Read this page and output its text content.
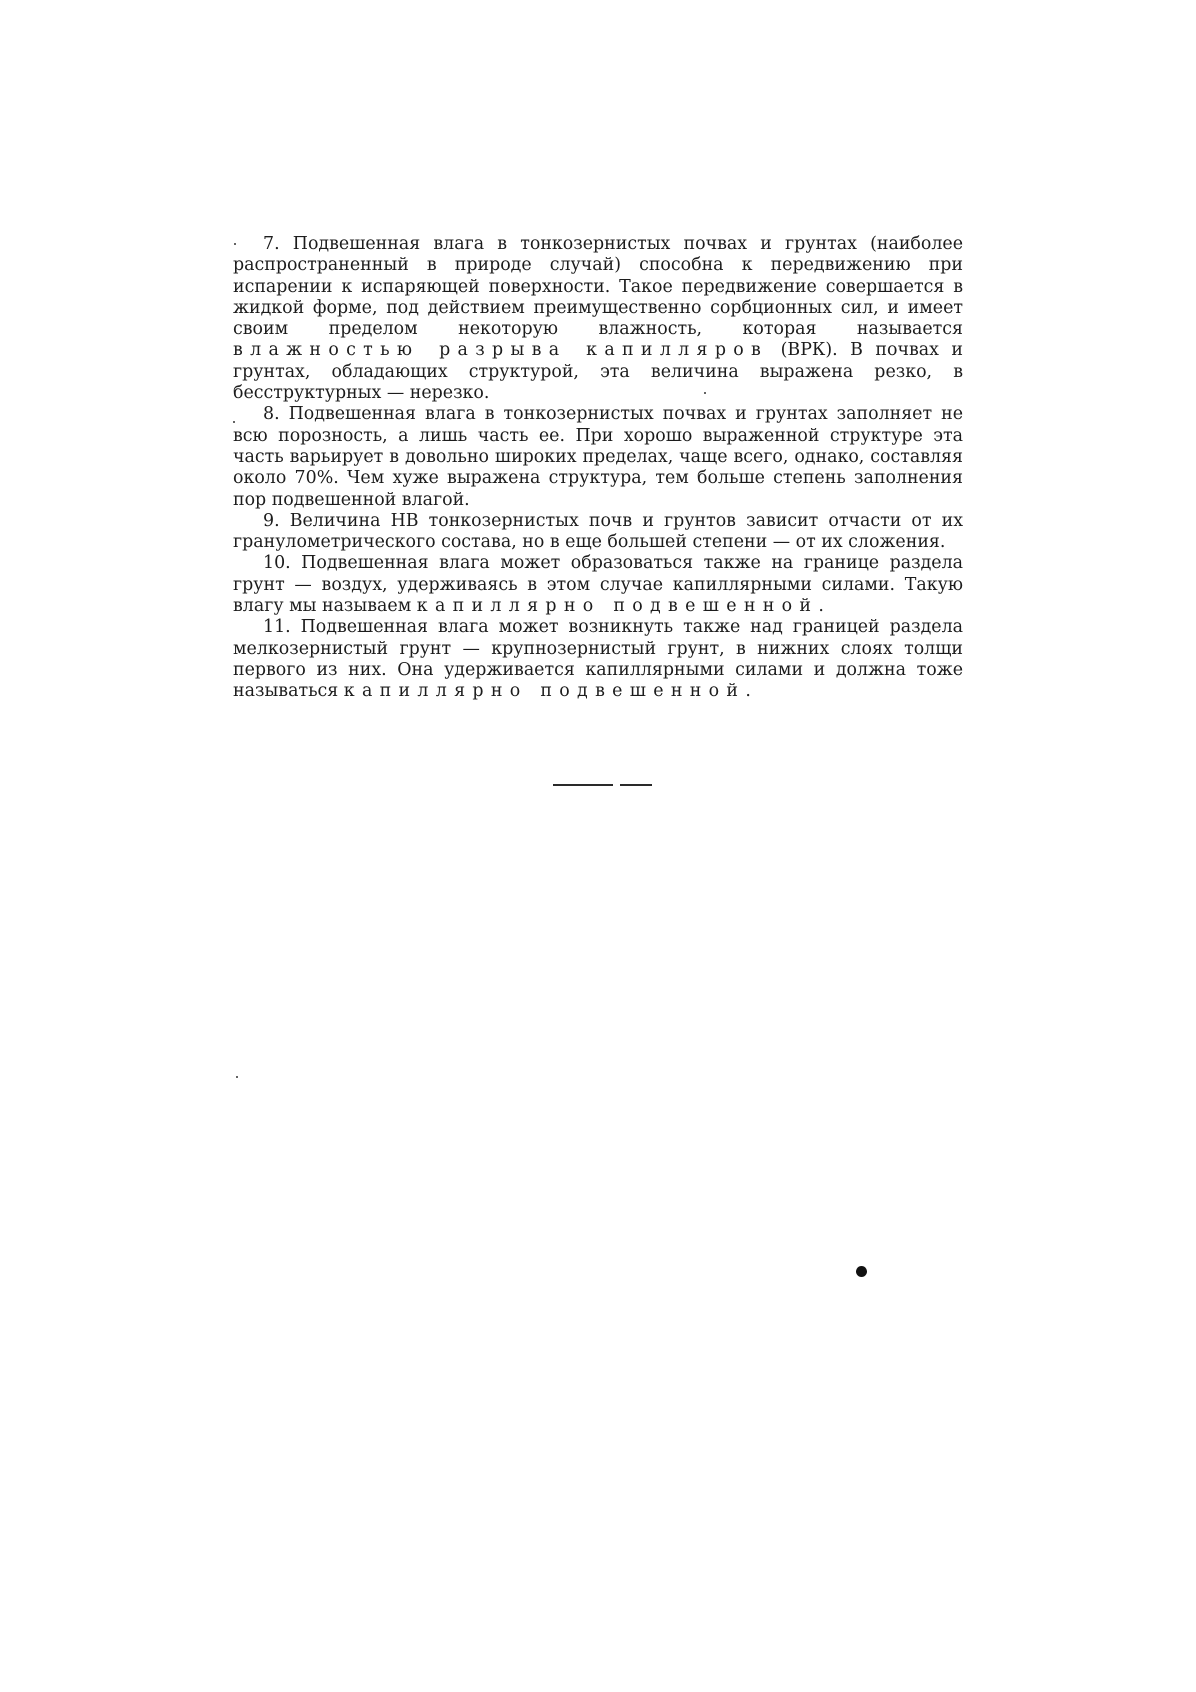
7. Подвешенная влага в тонкозернистых почвах и грунтах (наиболее распространенный в природе случай) способна к передвижению при испарении к испаряющей поверхности. Такое передвижение совершается в жидкой форме, под действием преимущественно сорбционных сил, и имеет своим пределом некоторую влажность, которая называется влажностью разрыва капилляров (ВРК). В почвах и грунтах, обладающих структурой, эта величина выражена резко, в бесструктурных — нерезко.

8. Подвешенная влага в тонкозернистых почвах и грунтах заполняет не всю порозность, а лишь часть ее. При хорошо выраженной структуре эта часть варьирует в довольно широких пределах, чаще всего, однако, составляя около 70%. Чем хуже выражена структура, тем больше степень заполнения пор подвешенной влагой.

9. Величина НВ тонкозернистых почв и грунтов зависит отчасти от их гранулометрического состава, но в еще большей степени — от их сложения.

10. Подвешенная влага может образоваться также на границе раздела грунт — воздух, удерживаясь в этом случае капиллярными силами. Такую влагу мы называем капиллярно подвешенной.

11. Подвешенная влага может возникнуть также над границей раздела мелкозернистый грунт — крупнозернистый грунт, в нижних слоях толщи первого из них. Она удерживается капиллярными силами и должна тоже называться капиллярно подвешенной.
